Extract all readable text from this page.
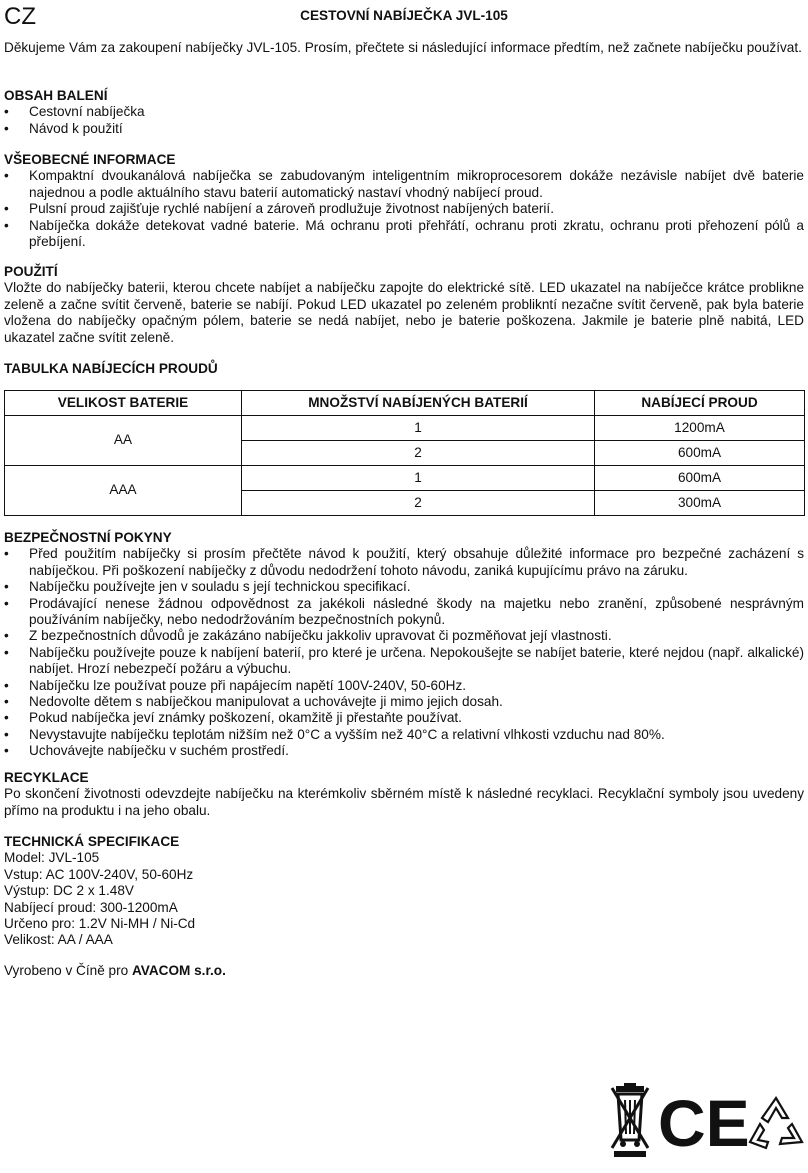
CZ	CESTOVNÍ NABÍJEČKA JVL-105

Děkujeme Vám za zakoupení nabíječky JVL-105. Prosím, přečtete si následující informace předtím, než začnete nabíječku používat.

OBSAH BALENÍ
• Cestovní nabíječka
• Návod k použití
VŠEOBECNÉ INFORMACE
• Kompaktní dvoukanálová nabíječka se zabudovaným inteligentním mikroprocesorem dokáže nezávisle nabíjet dvě baterie najednou a podle aktuálního stavu baterií automatický nastaví vhodný nabíjecí proud.
• Pulsní proud zajišťuje rychlé nabíjení a zároveň prodlužuje životnost nabíjených baterií.
• Nabíječka dokáže detekovat vadné baterie. Má ochranu proti přehřátí, ochranu proti zkratu, ochranu proti přehození pólů a přebíjení.
POUŽITÍ

Vložte do nabíječky baterii, kterou chcete nabíjet a nabíječku zapojte do elektrické sítě. LED ukazatel na nabíječce krátce problikne zeleně a začne svítit červeně, baterie se nabíjí. Pokud LED ukazatel po zeleném problikntí nezačne svítit červeně, pak byla baterie vložena do nabíječky opačným pólem, baterie se nedá nabíjet, nebo je baterie poškozena. Jakmile je baterie plně nabitá, LED ukazatel začne svítit zeleně.

TABULKA NABÍJECÍCH PROUDŮ
VELIKOST BATERIE	MNOŽSTVÍ NABÍJENÝCH BATERIÍ	NABÍJECÍ PROUD
AA	1	1200mA
	2	600mA
AAA	1	600mA
	2	300mA
BEZPEČNOSTNÍ POKYNY
• Před použitím nabíječky si prosím přečtěte návod k použití, který obsahuje důležité informace pro bezpečné zacházení s nabíječkou. Při poškození nabíječky z důvodu nedodržení tohoto návodu, zaniká kupujícímu právo na záruku.
• Nabíječku používejte jen v souladu s její technickou specifikací.
• Prodávající nenese žádnou odpovědnost za jakékoli následné škody na majetku nebo zranění, způsobené nesprávným používáním nabíječky, nebo nedodržováním bezpečnostních pokynů.
• Z bezpečnostních důvodů je zakázáno nabíječku jakkoliv upravovat či pozměňovat její vlastnosti.
• Nabíječku používejte pouze k nabíjení baterií, pro které je určena. Nepokoušejte se nabíjet baterie, které nejdou (např. alkalické) nabíjet. Hrozí nebezpečí požáru a výbuchu.
• Nabíječku lze používat pouze při napájecím napětí 100V-240V, 50-60Hz.
• Nedovolte dětem s nabíječkou manipulovat a uchovávejte ji mimo jejich dosah.
• Pokud nabíječka jeví známky poškození, okamžitě ji přestaňte používat.
• Nevystavujte nabíječku teplotám nižším než 0°C a vyšším než 40°C a relativní vlhkosti vzduchu nad 80%.
• Uchovávejte nabíječku v suchém prostředí.
RECYKLACE

Po skončení životnosti odevzdejte nabíječku na kterémkoliv sběrném místě k následné recyklaci. Recyklační symboly jsou uvedeny přímo na produktu i na jeho obalu.

TECHNICKÁ SPECIFIKACE
Model: JVL-105
Vstup: AC 100V-240V, 50-60Hz
Výstup: DC 2 x 1.48V
Nabíjecí proud: 300-1200mA
Určeno pro: 1.2V Ni-MH / Ni-Cd
Velikost: AA / AAA
Vyrobeno v Číně pro AVACOM s.r.o.
CE
